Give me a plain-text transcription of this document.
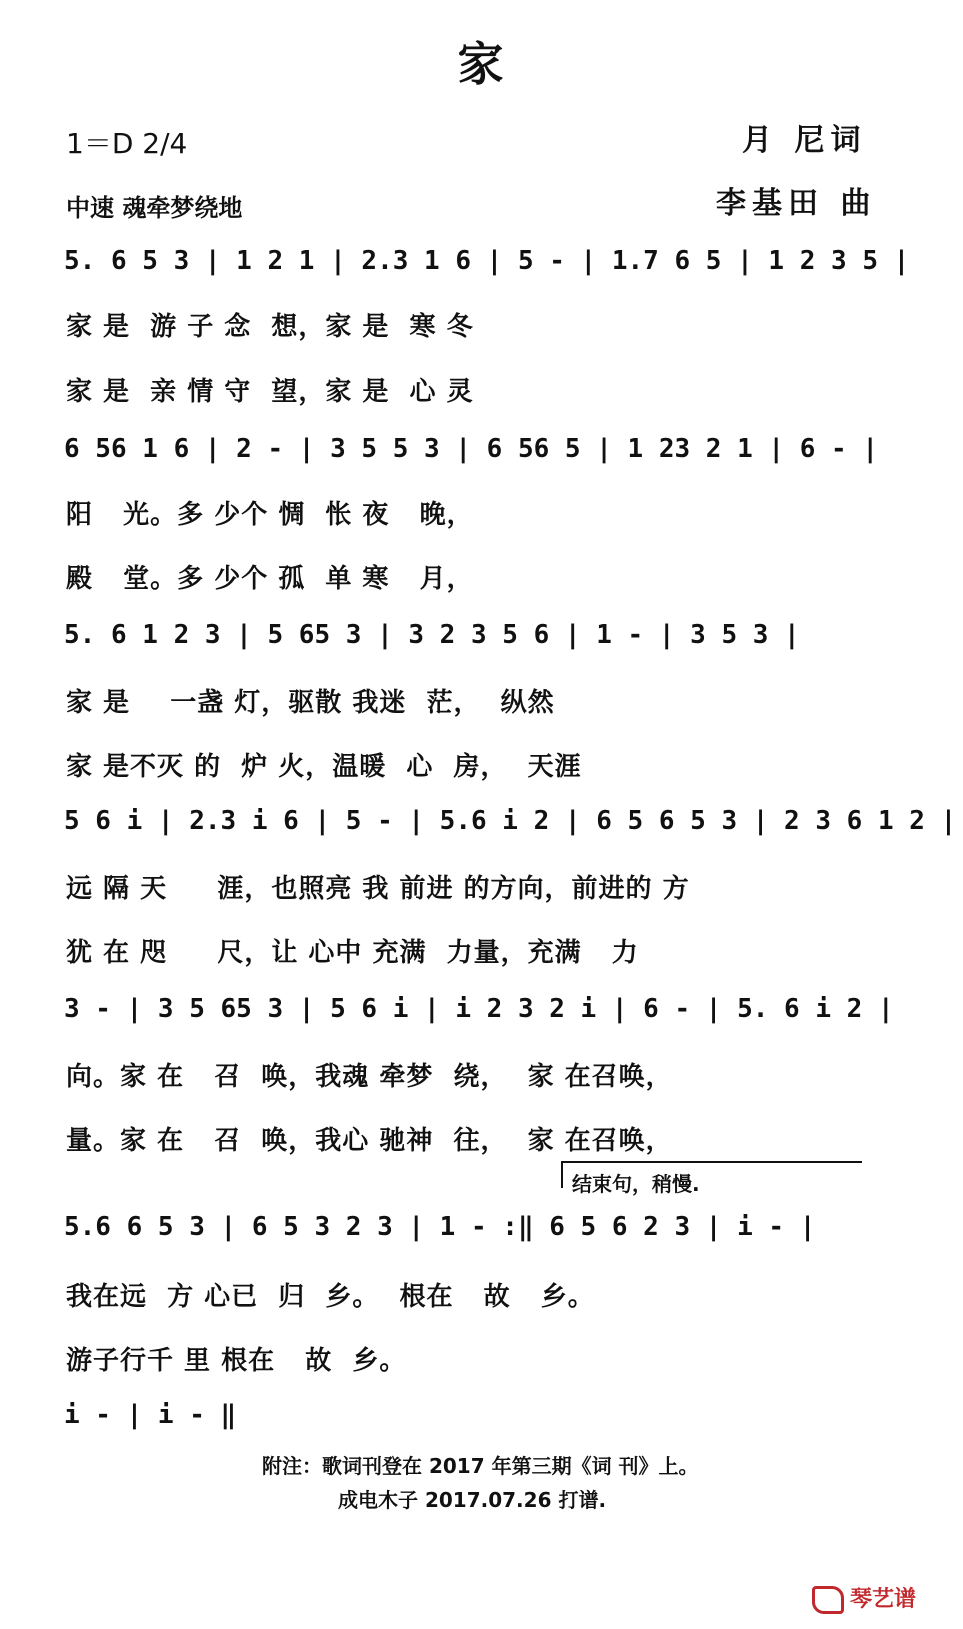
家
1＝D 2/4	月 尼词
中速 魂牵梦绕地	李基田 曲
5. 6 5 3 | 1 2 1 | 2.3 1 6 | 5 - | 1.7 6 5 | 1 2 3 5 |
家 是  游 子 念  想，家 是  寒 冬
家 是  亲 情 守  望，家 是  心 灵
6 56 1 6 | 2 - | 3 5 5 3 | 6 56 5 | 1 23 2 1 | 6 - |
阳   光。多 少个 惆  怅 夜   晚，
殿   堂。多 少个 孤  单 寒   月，
5. 6 1 2 3 | 5 65 3 | 3 2 3 5 6 | 1 - | 3 5 3 |
家 是    一盏 灯，驱散 我迷  茫，  纵然
家 是不灭 的  炉 火，温暖  心  房，  天涯
5 6 i | 2.3 i 6 | 5 - | 5.6 i 2 | 6 5 6 5 3 | 2 3 6 1 2 |
远 隔 天     涯，也照亮 我 前进 的方向，前进的 方
犹 在 咫     尺，让 心中 充满  力量，充满   力
3 - | 3 5 65 3 | 5 6 i | i 2 3 2 i | 6 - | 5. 6 i 2 |
向。家 在   召  唤，我魂 牵梦  绕，  家 在召唤，
量。家 在   召  唤，我心 驰神  往，  家 在召唤，
结束句，稍慢.
5.6 6 5 3 | 6 5 3 2 3 | 1 - :‖ 6 5 6 2 3 | i - |
我在远  方 心已  归  乡。  根在   故   乡。
游子行千 里 根在   故  乡。
i - | i - ‖
附注：歌词刊登在 2017 年第三期《词 刊》上。
成电木子 2017.07.26 打谱.
琴艺谱
